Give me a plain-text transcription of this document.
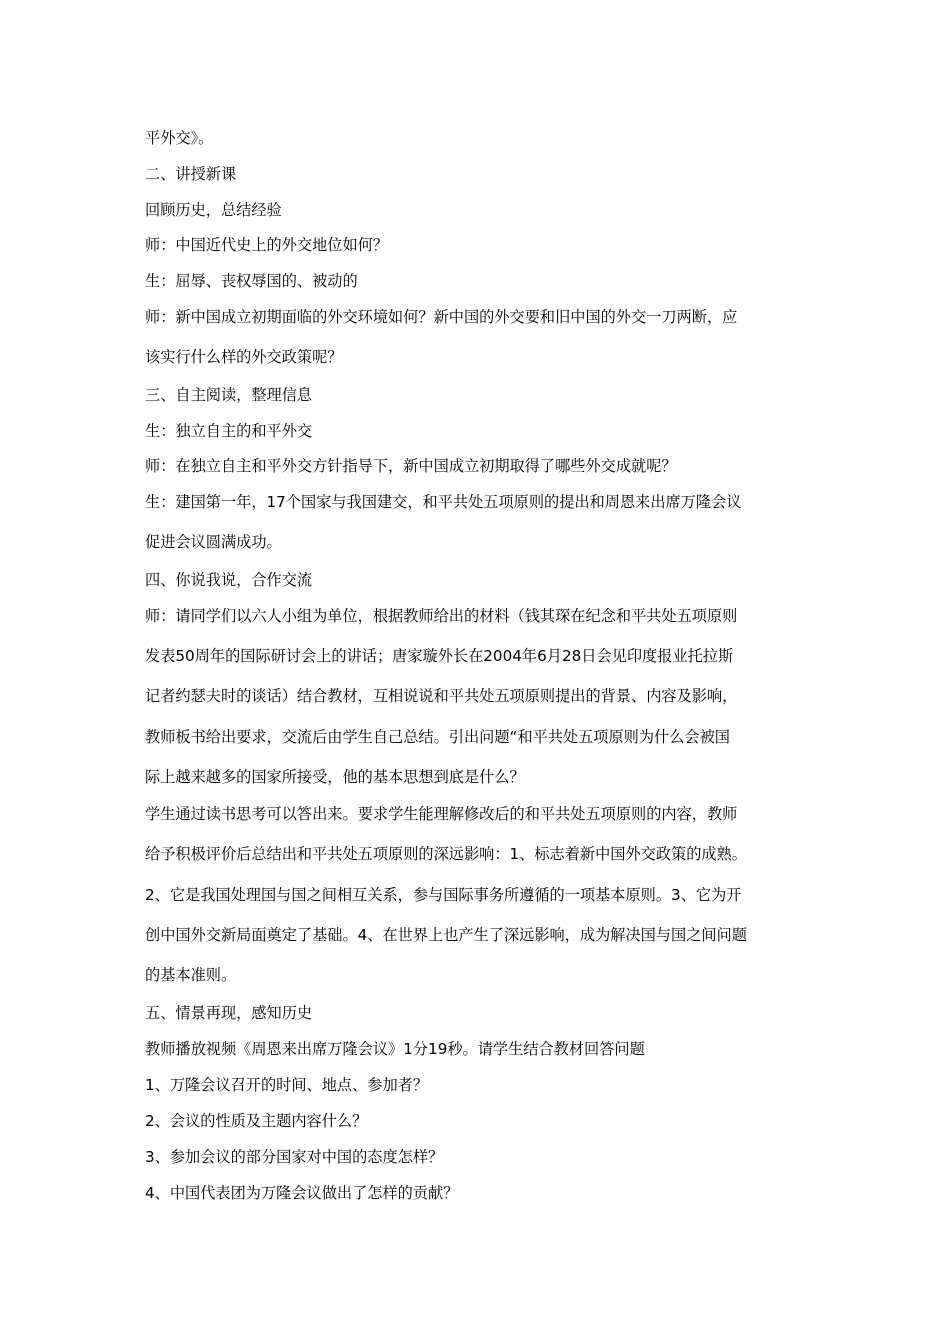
平外交》。
二、讲授新课
回顾历史，总结经验
师：中国近代史上的外交地位如何？
生：屈辱、丧权辱国的、被动的
师：新中国成立初期面临的外交环境如何？新中国的外交要和旧中国的外交一刀两断，应
该实行什么样的外交政策呢？
三、自主阅读，整理信息
生：独立自主的和平外交
师：在独立自主和平外交方针指导下，新中国成立初期取得了哪些外交成就呢？
生：建国第一年，17个国家与我国建交，和平共处五项原则的提出和周恩来出席万隆会议
促进会议圆满成功。
四、你说我说，合作交流
师：请同学们以六人小组为单位，根据教师给出的材料（钱其琛在纪念和平共处五项原则
发表50周年的国际研讨会上的讲话；唐家璇外长在2004年6月28日会见印度报业托拉斯
记者约瑟夫时的谈话）结合教材，互相说说和平共处五项原则提出的背景、内容及影响，
教师板书给出要求，交流后由学生自己总结。引出问题“和平共处五项原则为什么会被国
际上越来越多的国家所接受，他的基本思想到底是什么？
学生通过读书思考可以答出来。要求学生能理解修改后的和平共处五项原则的内容，教师
给予积极评价后总结出和平共处五项原则的深远影响：1、标志着新中国外交政策的成熟。
2、它是我国处理国与国之间相互关系，参与国际事务所遵循的一项基本原则。3、它为开
创中国外交新局面奠定了基础。4、在世界上也产生了深远影响，成为解决国与国之间问题
的基本准则。
五、情景再现，感知历史
教师播放视频《周恩来出席万隆会议》1分19秒。请学生结合教材回答问题
1、万隆会议召开的时间、地点、参加者？
2、会议的性质及主题内容什么？
3、参加会议的部分国家对中国的态度怎样？
4、中国代表团为万隆会议做出了怎样的贡献？
